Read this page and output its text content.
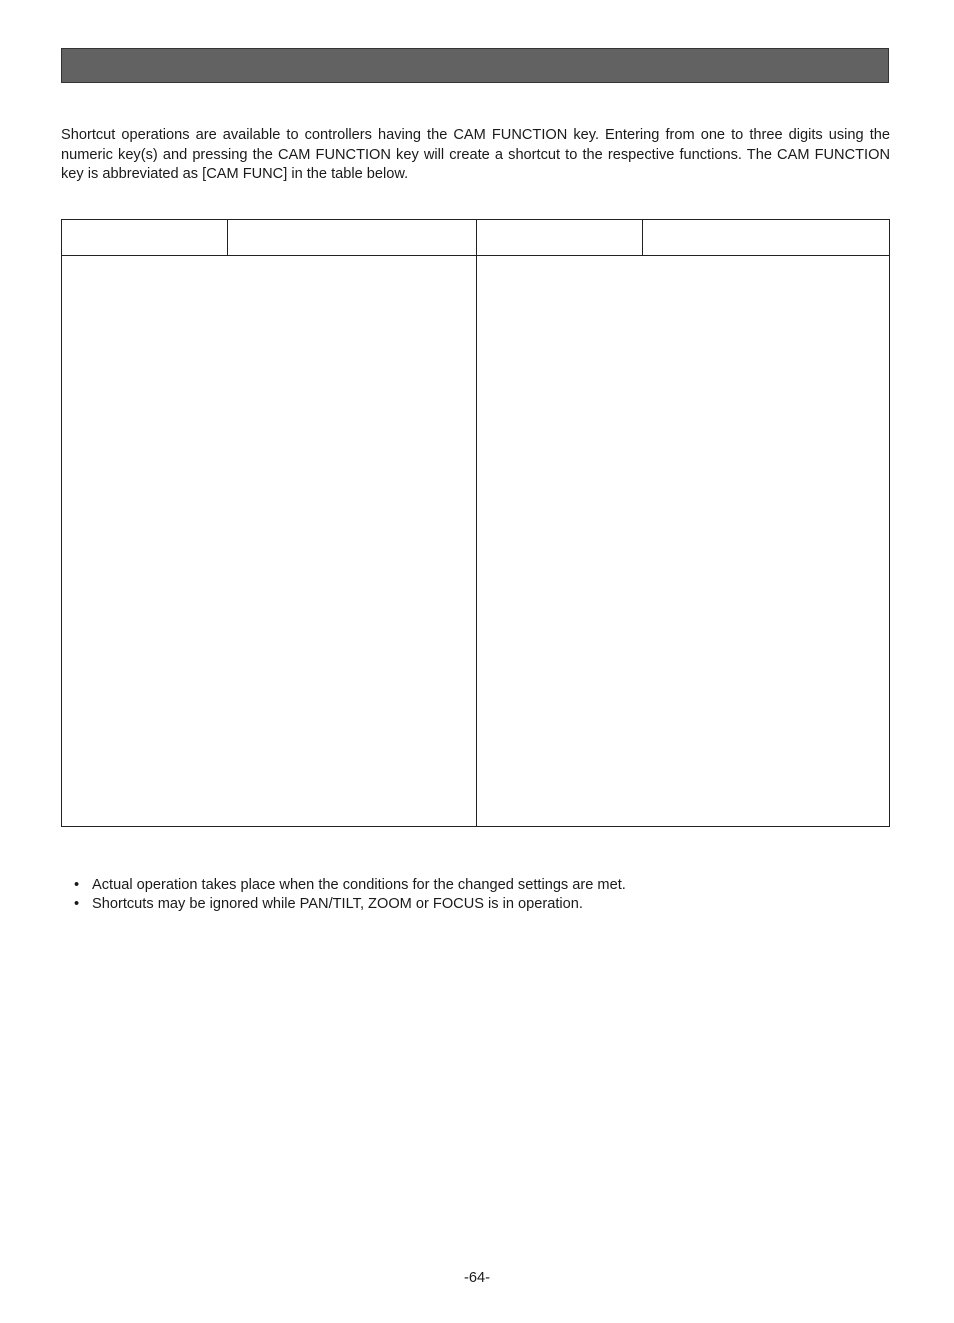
Shortcut operations are available to controllers having the CAM FUNCTION key. Entering from one to three digits using the numeric key(s) and pressing the CAM FUNCTION key will create a shortcut to the respective functions. The CAM FUNCTION key is abbreviated as [CAM FUNC] in the table below.

• Actual operation takes place when the conditions for the changed settings are met.
• Shortcuts may be ignored while PAN/TILT, ZOOM or FOCUS is in operation.
-64-
